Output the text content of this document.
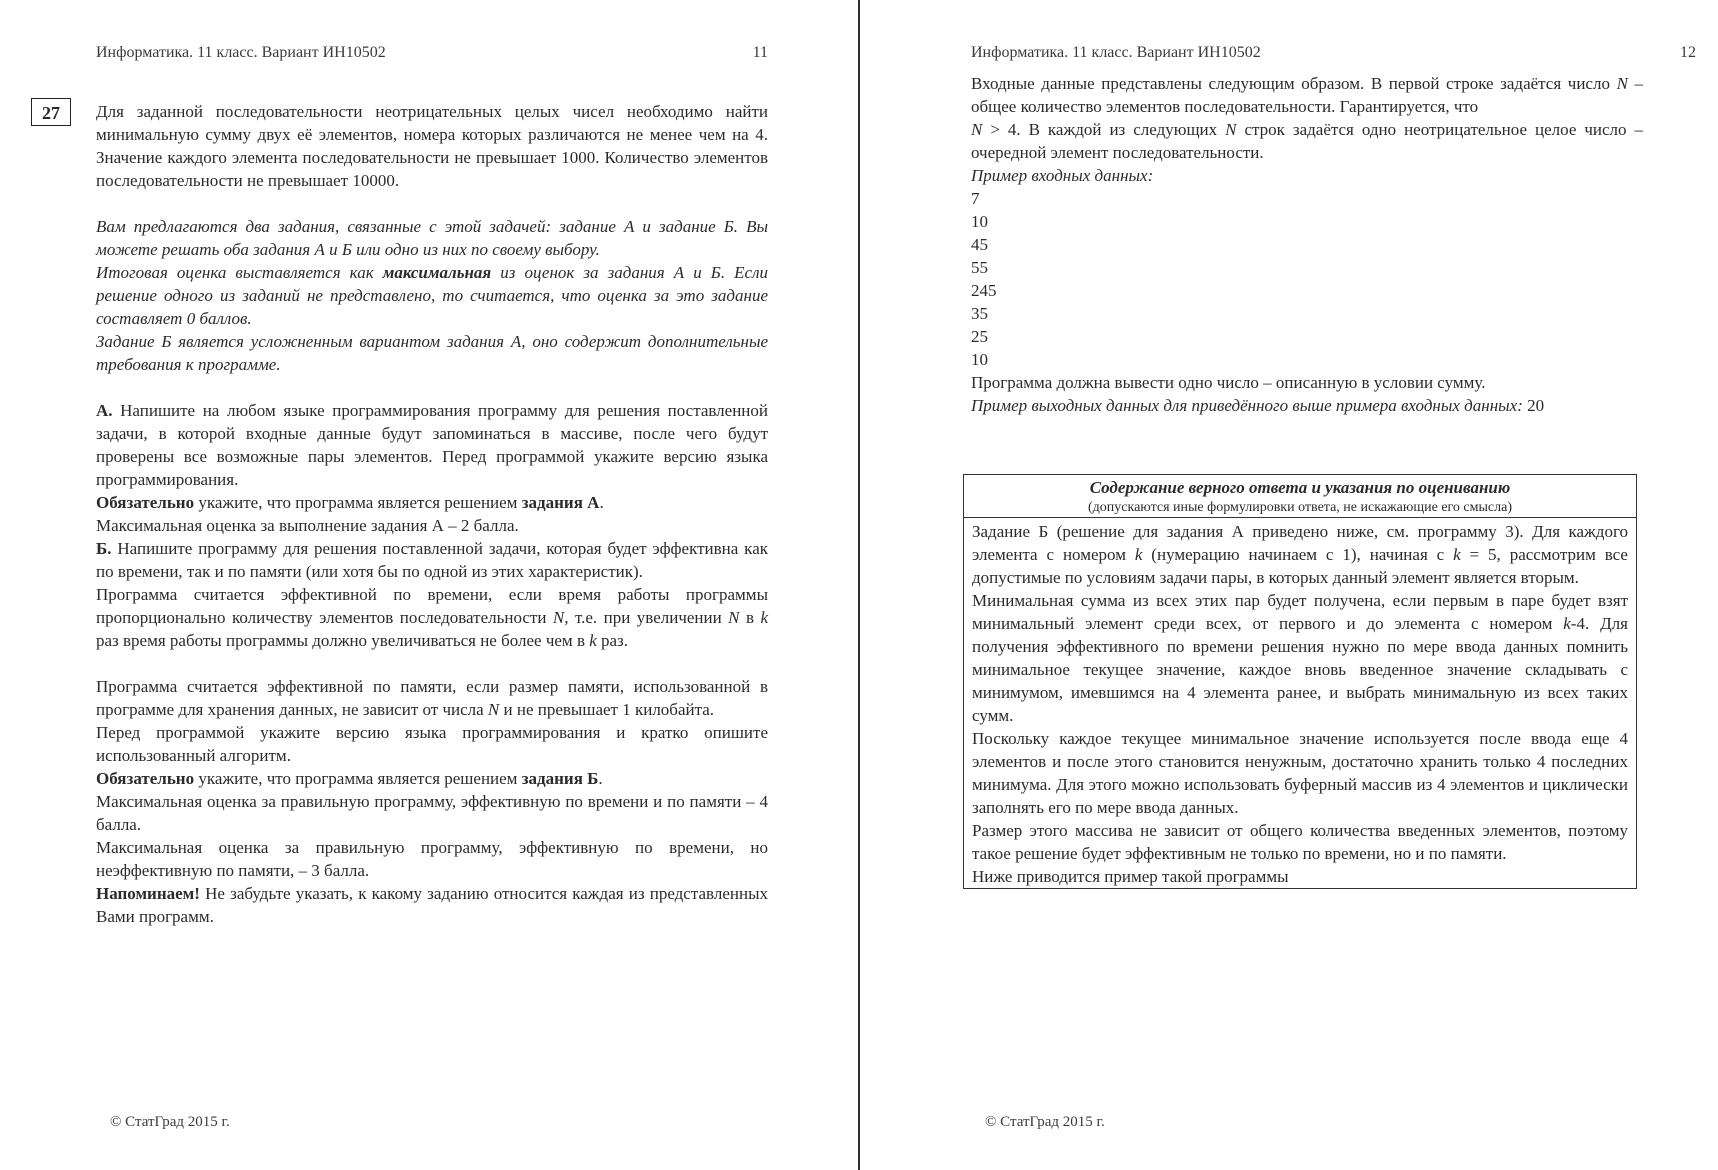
Информатика. 11 класс. Вариант ИН10502	11
27	Для заданной последовательности неотрицательных целых чисел необходимо найти минимальную сумму двух её элементов, номера которых различаются не менее чем на 4. Значение каждого элемента последовательности не превышает 1000. Количество элементов последовательности не превышает 10000.

Вам предлагаются два задания, связанные с этой задачей: задание А и задание Б. Вы можете решать оба задания А и Б или одно из них по своему выбору.

Итоговая оценка выставляется как максимальная из оценок за задания А и Б. Если решение одного из заданий не представлено, то считается, что оценка за это задание составляет 0 баллов.

Задание Б является усложненным вариантом задания А, оно содержит дополнительные требования к программе.

А. Напишите на любом языке программирования программу для решения поставленной задачи, в которой входные данные будут запоминаться в массиве, после чего будут проверены все возможные пары элементов. Перед программой укажите версию языка программирования.

Обязательно укажите, что программа является решением задания А.

Максимальная оценка за выполнение задания А – 2 балла.

Б. Напишите программу для решения поставленной задачи, которая будет эффективна как по времени, так и по памяти (или хотя бы по одной из этих характеристик).

Программа считается эффективной по времени, если время работы программы пропорционально количеству элементов последовательности N, т.е. при увеличении N в k раз время работы программы должно увеличиваться не более чем в k раз.

Программа считается эффективной по памяти, если размер памяти, использованной в программе для хранения данных, не зависит от числа N и не превышает 1 килобайта.

Перед программой укажите версию языка программирования и кратко опишите использованный алгоритм.

Обязательно укажите, что программа является решением задания Б.

Максимальная оценка за правильную программу, эффективную по времени и по памяти – 4 балла.

Максимальная оценка за правильную программу, эффективную по времени, но неэффективную по памяти, – 3 балла.

Напоминаем! Не забудьте указать, к какому заданию относится каждая из представленных Вами программ.

© СтатГрад 2015 г.
Информатика. 11 класс. Вариант ИН10502	12

Входные данные представлены следующим образом. В первой строке задаётся число N – общее количество элементов последовательности. Гарантируется, что
N > 4. В каждой из следующих N строк задаётся одно неотрицательное целое число – очередной элемент последовательности.

Пример входных данных:

7

10

45

55

245

35

25

10

Программа должна вывести одно число – описанную в условии сумму.

Пример выходных данных для приведённого выше примера входных данных: 20

Содержание верного ответа и указания по оцениванию
(допускаются иные формулировки ответа, не искажающие его смысла)

Задание Б (решение для задания А приведено ниже, см. программу 3). Для каждого элемента с номером k (нумерацию начинаем с 1), начиная с k = 5, рассмотрим все допустимые по условиям задачи пары, в которых данный элемент является вторым.

Минимальная сумма из всех этих пар будет получена, если первым в паре будет взят минимальный элемент среди всех, от первого и до элемента с номером k-4. Для получения эффективного по времени решения нужно по мере ввода данных помнить минимальное текущее значение, каждое вновь введенное значение складывать с минимумом, имевшимся на 4 элемента ранее, и выбрать минимальную из всех таких сумм.

Поскольку каждое текущее минимальное значение используется после ввода еще 4 элементов и после этого становится ненужным, достаточно хранить только 4 последних минимума. Для этого можно использовать буферный массив из 4 элементов и циклически заполнять его по мере ввода данных.

Размер этого массива не зависит от общего количества введенных элементов, поэтому такое решение будет эффективным не только по времени, но и по памяти.

Ниже приводится пример такой программы

© СтатГрад 2015 г.
